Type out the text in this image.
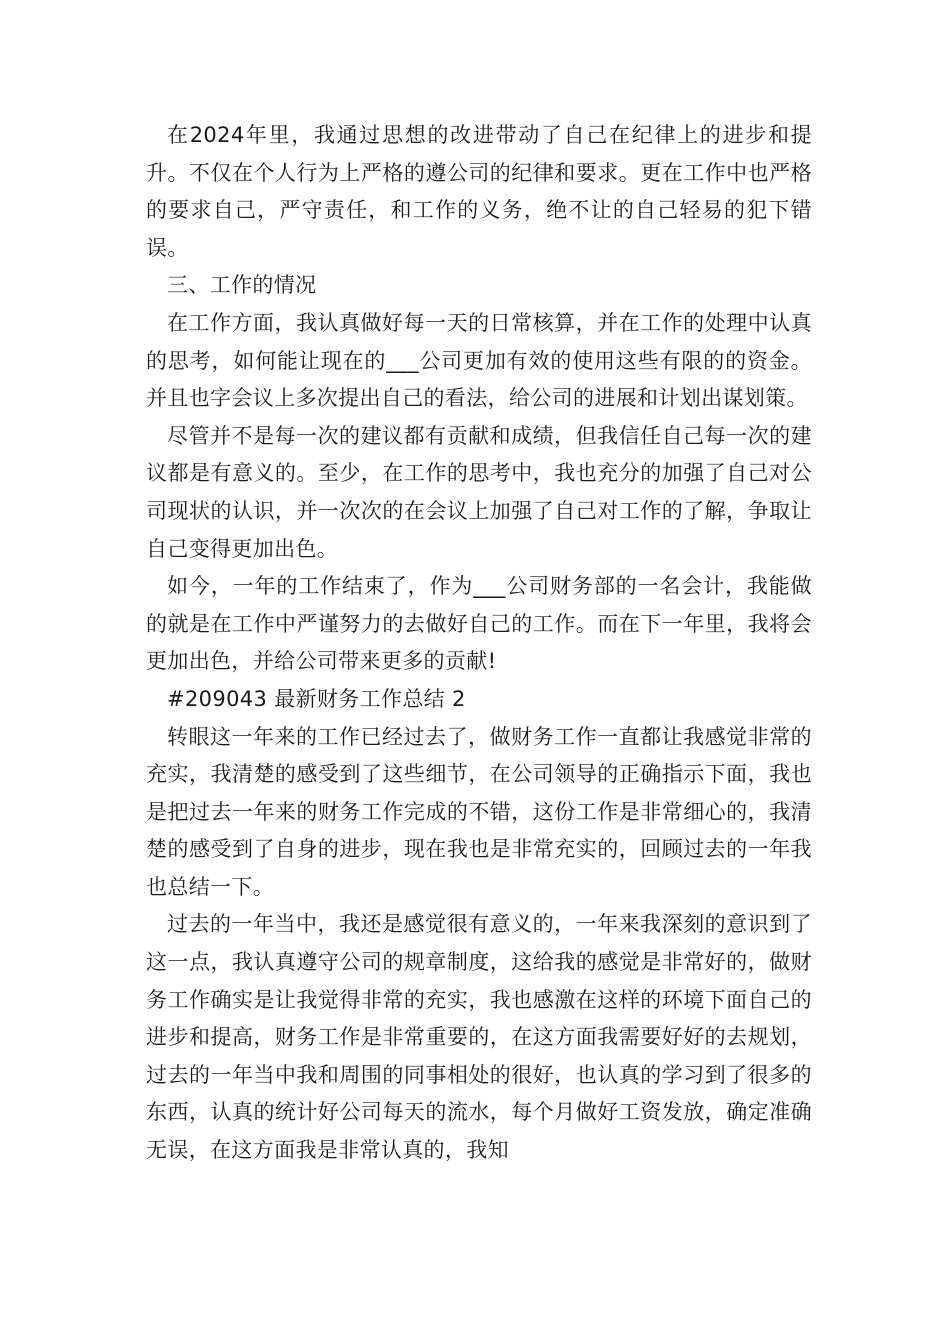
在2024年里，我通过思想的改进带动了自己在纪律上的进步和提升。不仅在个人行为上严格的遵公司的纪律和要求。更在工作中也严格的要求自己，严守责任，和工作的义务，绝不让的自己轻易的犯下错误。

三、工作的情况

在工作方面，我认真做好每一天的日常核算，并在工作的处理中认真的思考，如何能让现在的___公司更加有效的使用这些有限的的资金。并且也字会议上多次提出自己的看法，给公司的进展和计划出谋划策。

尽管并不是每一次的建议都有贡献和成绩，但我信任自己每一次的建议都是有意义的。至少，在工作的思考中，我也充分的加强了自己对公司现状的认识，并一次次的在会议上加强了自己对工作的了解，争取让自己变得更加出色。

如今，一年的工作结束了，作为___公司财务部的一名会计，我能做的就是在工作中严谨努力的去做好自己的工作。而在下一年里，我将会更加出色，并给公司带来更多的贡献!

#209043 最新财务工作总结 2

转眼这一年来的工作已经过去了，做财务工作一直都让我感觉非常的充实，我清楚的感受到了这些细节，在公司领导的正确指示下面，我也是把过去一年来的财务工作完成的不错，这份工作是非常细心的，我清楚的感受到了自身的进步，现在我也是非常充实的，回顾过去的一年我也总结一下。

过去的一年当中，我还是感觉很有意义的，一年来我深刻的意识到了这一点，我认真遵守公司的规章制度，这给我的感觉是非常好的，做财务工作确实是让我觉得非常的充实，我也感激在这样的环境下面自己的进步和提高，财务工作是非常重要的，在这方面我需要好好的去规划，过去的一年当中我和周围的同事相处的很好，也认真的学习到了很多的东西，认真的统计好公司每天的流水，每个月做好工资发放，确定准确无误，在这方面我是非常认真的，我知
